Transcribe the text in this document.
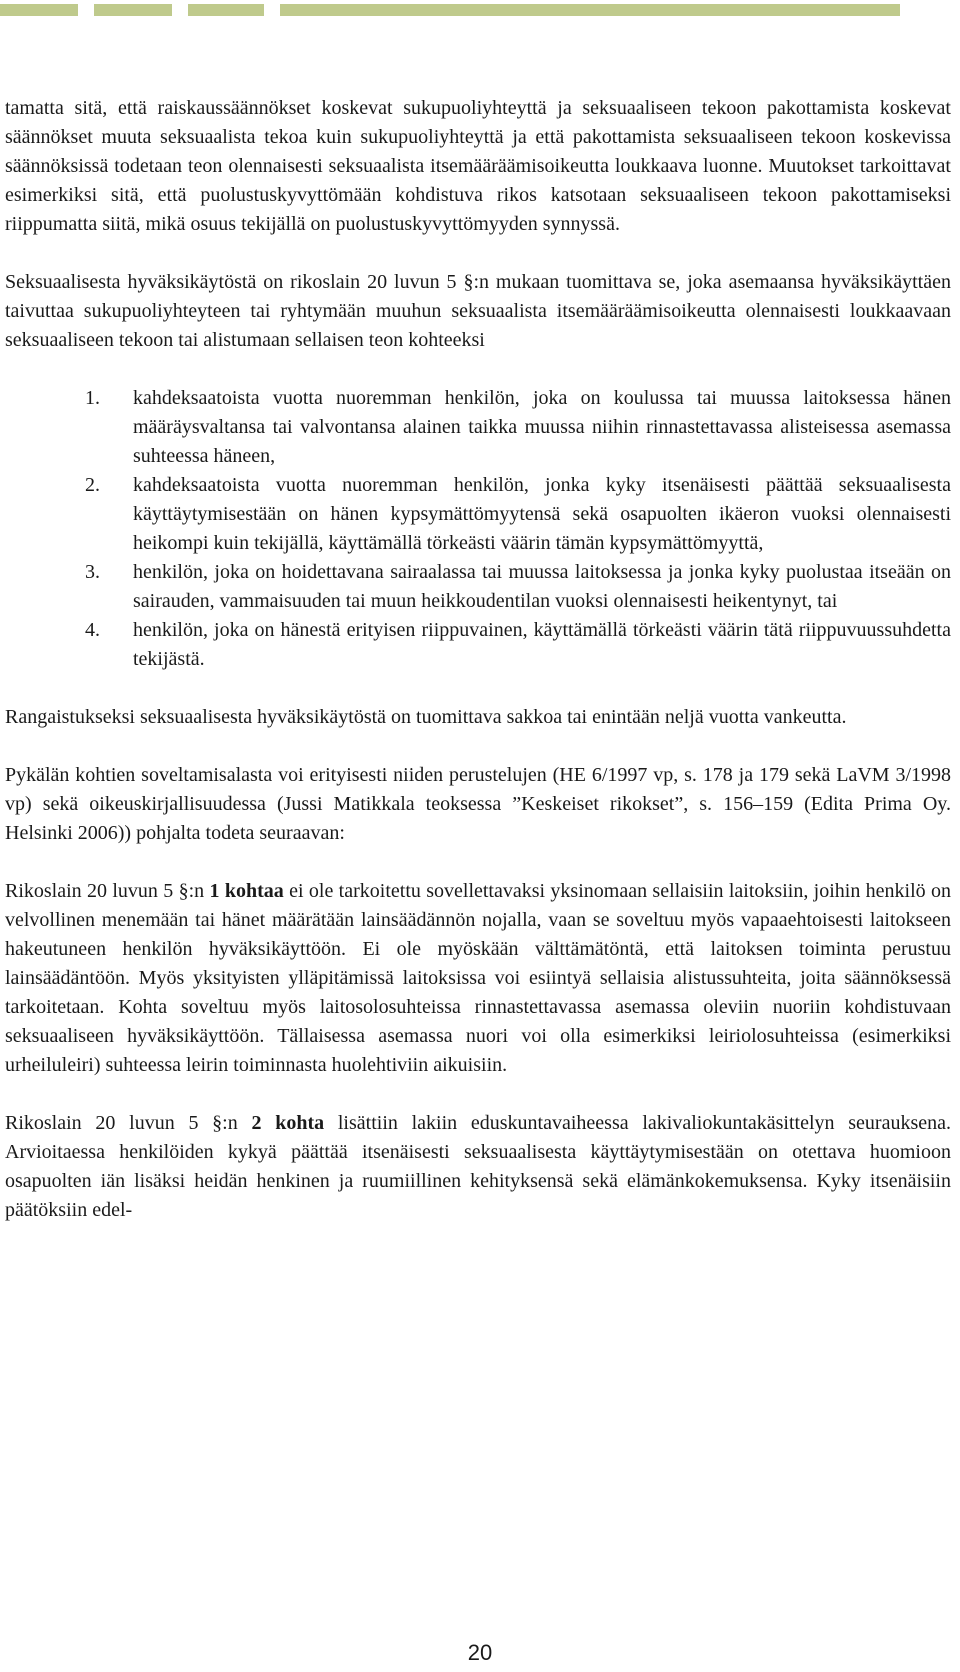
tamatta sitä, että raiskaussäännökset koskevat sukupuoliyhteyttä ja seksuaaliseen tekoon pakottamista koskevat säännökset muuta seksuaalista tekoa kuin sukupuoliyhteyttä ja että pakottamista seksuaaliseen tekoon koskevissa säännöksissä todetaan teon olennaisesti seksuaalista itsemääräämisoikeutta loukkaava luonne. Muutokset tarkoittavat esimerkiksi sitä, että puolustuskyvyttömään kohdistuva rikos katsotaan seksuaaliseen tekoon pakottamiseksi riippumatta siitä, mikä osuus tekijällä on puolustuskyvyttömyyden synnyssä.

Seksuaalisesta hyväksikäytöstä on rikoslain 20 luvun 5 §:n mukaan tuomittava se, joka asemaansa hyväksikäyttäen taivuttaa sukupuoliyhteyteen tai ryhtymään muuhun seksuaalista itsemääräämisoikeutta olennaisesti loukkaavaan seksuaaliseen tekoon tai alistumaan sellaisen teon kohteeksi

1. kahdeksaatoista vuotta nuoremman henkilön, joka on koulussa tai muussa laitoksessa hänen määräysvaltansa tai valvontansa alainen taikka muussa niihin rinnastettavassa alisteisessa asemassa suhteessa häneen,
2. kahdeksaatoista vuotta nuoremman henkilön, jonka kyky itsenäisesti päättää seksuaalisesta käyttäytymisestään on hänen kypsymättömyytensä sekä osapuolten ikäeron vuoksi olennaisesti heikompi kuin tekijällä, käyttämällä törkeästi väärin tämän kypsymättömyyttä,
3. henkilön, joka on hoidettavana sairaalassa tai muussa laitoksessa ja jonka kyky puolustaa itseään on sairauden, vammaisuuden tai muun heikkoudentilan vuoksi olennaisesti heikentynyt, tai
4. henkilön, joka on hänestä erityisen riippuvainen, käyttämällä törkeästi väärin tätä riippuvuussuhdetta tekijästä.

Rangaistukseksi seksuaalisesta hyväksikäytöstä on tuomittava sakkoa tai enintään neljä vuotta vankeutta.

Pykälän kohtien soveltamisalasta voi erityisesti niiden perustelujen (HE 6/1997 vp, s. 178 ja 179 sekä LaVM 3/1998 vp) sekä oikeuskirjallisuudessa (Jussi Matikkala teoksessa ”Keskeiset rikokset”, s. 156–159 (Edita Prima Oy. Helsinki 2006)) pohjalta todeta seuraavan:

Rikoslain 20 luvun 5 §:n 1 kohtaa ei ole tarkoitettu sovellettavaksi yksinomaan sellaisiin laitoksiin, joihin henkilö on velvollinen menemään tai hänet määrätään lainsäädännön nojalla, vaan se soveltuu myös vapaaehtoisesti laitokseen hakeutuneen henkilön hyväksikäyttöön. Ei ole myöskään välttämätöntä, että laitoksen toiminta perustuu lainsäädäntöön. Myös yksityisten ylläpitämissä laitoksissa voi esiintyä sellaisia alistussuhteita, joita säännöksessä tarkoitetaan. Kohta soveltuu myös laitosolosuhteissa rinnastettavassa asemassa oleviin nuoriin kohdistuvaan seksuaaliseen hyväksikäyttöön. Tällaisessa asemassa nuori voi olla esimerkiksi leiriolosuhteissa (esimerkiksi urheiluleiri) suhteessa leirin toiminnasta huolehtiviin aikuisiin.

Rikoslain 20 luvun 5 §:n 2 kohta lisättiin lakiin eduskuntavaiheessa lakivaliokuntakäsittelyn seurauksena. Arvioitaessa henkilöiden kykyä päättää itsenäisesti seksuaalisesta käyttäytymisestään on otettava huomioon osapuolten iän lisäksi heidän henkinen ja ruumiillinen kehityksensä sekä elämänkokemuksensa. Kyky itsenäisiin päätöksiin edel-

20
